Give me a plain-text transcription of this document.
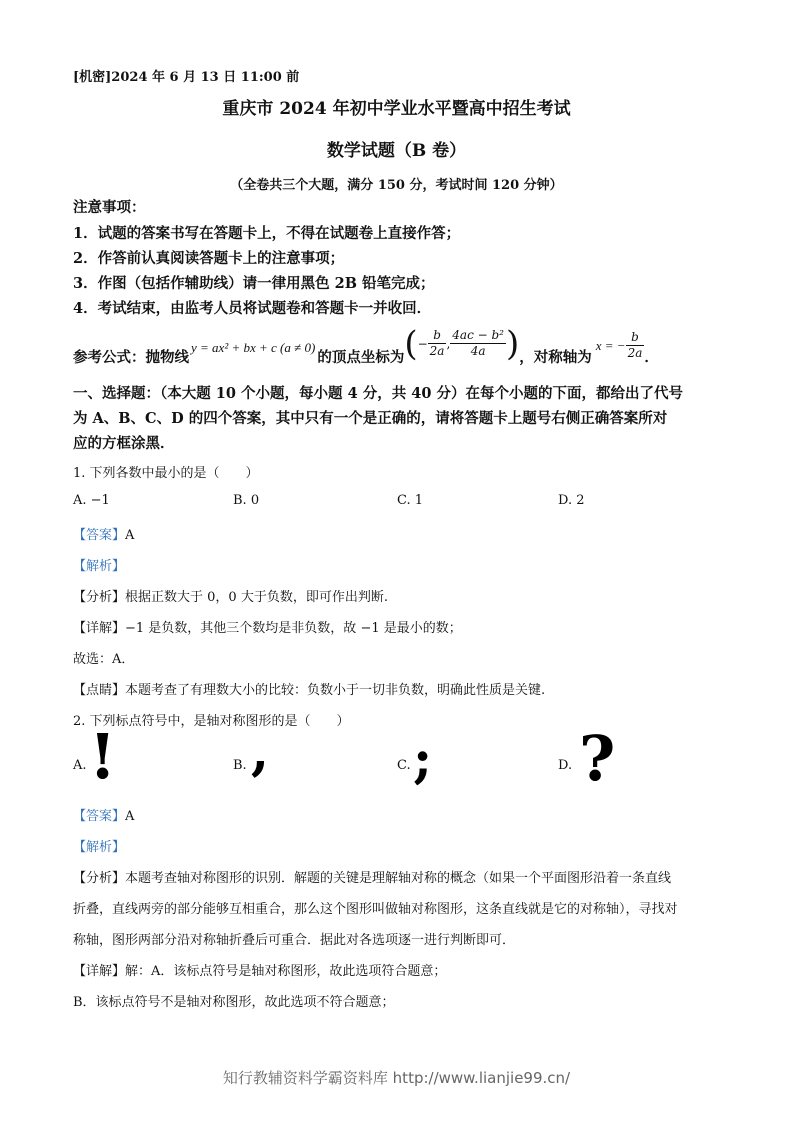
[机密]2024 年 6 月 13 日 11:00 前
重庆市 2024 年初中学业水平暨高中招生考试
数学试题（B 卷）
（全卷共三个大题，满分 150 分，考试时间 120 分钟）
注意事项：
1．试题的答案书写在答题卡上，不得在试题卷上直接作答；
2．作答前认真阅读答题卡上的注意事项；
3．作图（包括作辅助线）请一律用黑色 2B 铅笔完成；
4．考试结束，由监考人员将试题卷和答题卡一并收回．
参考公式：抛物线
y = ax² + bx + c (a ≠ 0)
的顶点坐标为 ( − $\frac{b}{2a}$ , $\frac{\text{4ac − b²}}{4a}$ ) ，对称轴为
x = − $\frac{b}{2a}$ ．
一、选择题：（本大题 10 个小题，每小题 4 分，共 40 分）在每个小题的下面，都给出了代号
为 A、B、C、D 的四个答案，其中只有一个是正确的，请将答题卡上题号右侧正确答案所对
应的方框涂黑．
1. 下列各数中最小的是（　　）
A. −1	B. 0	C. 1	D. 2
【答案】A
【解析】
【分析】根据正数大于 0，0 大于负数，即可作出判断.
【详解】−1 是负数，其他三个数均是非负数，故 −1 是最小的数；
故选：A．
【点睛】本题考查了有理数大小的比较：负数小于一切非负数，明确此性质是关键.
2. 下列标点符号中，是轴对称图形的是（　　）
A. !	B. ,	C. ;	D. ?
【答案】A
【解析】
【分析】本题考查轴对称图形的识别．解题的关键是理解轴对称的概念（如果一个平面图形沿着一条直线
折叠，直线两旁的部分能够互相重合，那么这个图形叫做轴对称图形，这条直线就是它的对称轴），寻找对
称轴，图形两部分沿对称轴折叠后可重合．据此对各选项逐一进行判断即可．
【详解】解：A．该标点符号是轴对称图形，故此选项符合题意；
B．该标点符号不是轴对称图形，故此选项不符合题意；
知行教辅资料学霸资料库 http://www.lianjie99.cn/
